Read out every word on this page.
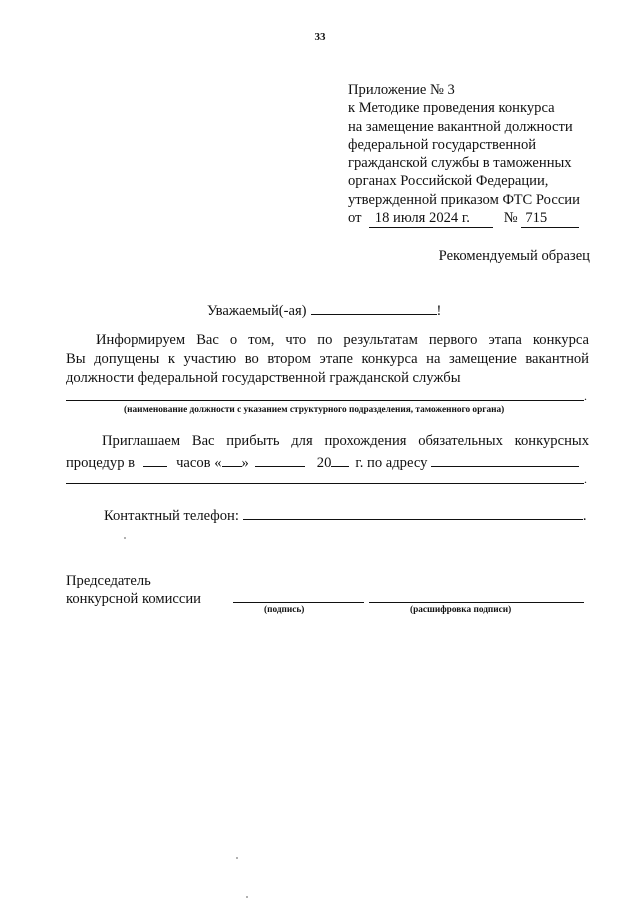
33
Приложение № 3
к Методике проведения конкурса
на замещение вакантной должности
федеральной государственной
гражданской службы в таможенных
органах Российской Федерации,
утвержденной приказом ФТС России
от 18 июля 2024 г. № 715
Рекомендуемый образец
Уважаемый(-ая)	!
Информируем Вас о том, что по результатам первого этапа конкурса
Вы допущены к участию во втором этапе конкурса на замещение вакантной
должности федеральной государственной гражданской службы
.
(наименование должности с указанием структурного подразделения, таможенного органа)
Приглашаем Вас прибыть для прохождения обязательных конкурсных
процедур в	часов « »	20 г. по адресу
.
Контактный телефон:	.
Председатель
конкурсной комиссии
(подпись)	(расшифровка подписи)
